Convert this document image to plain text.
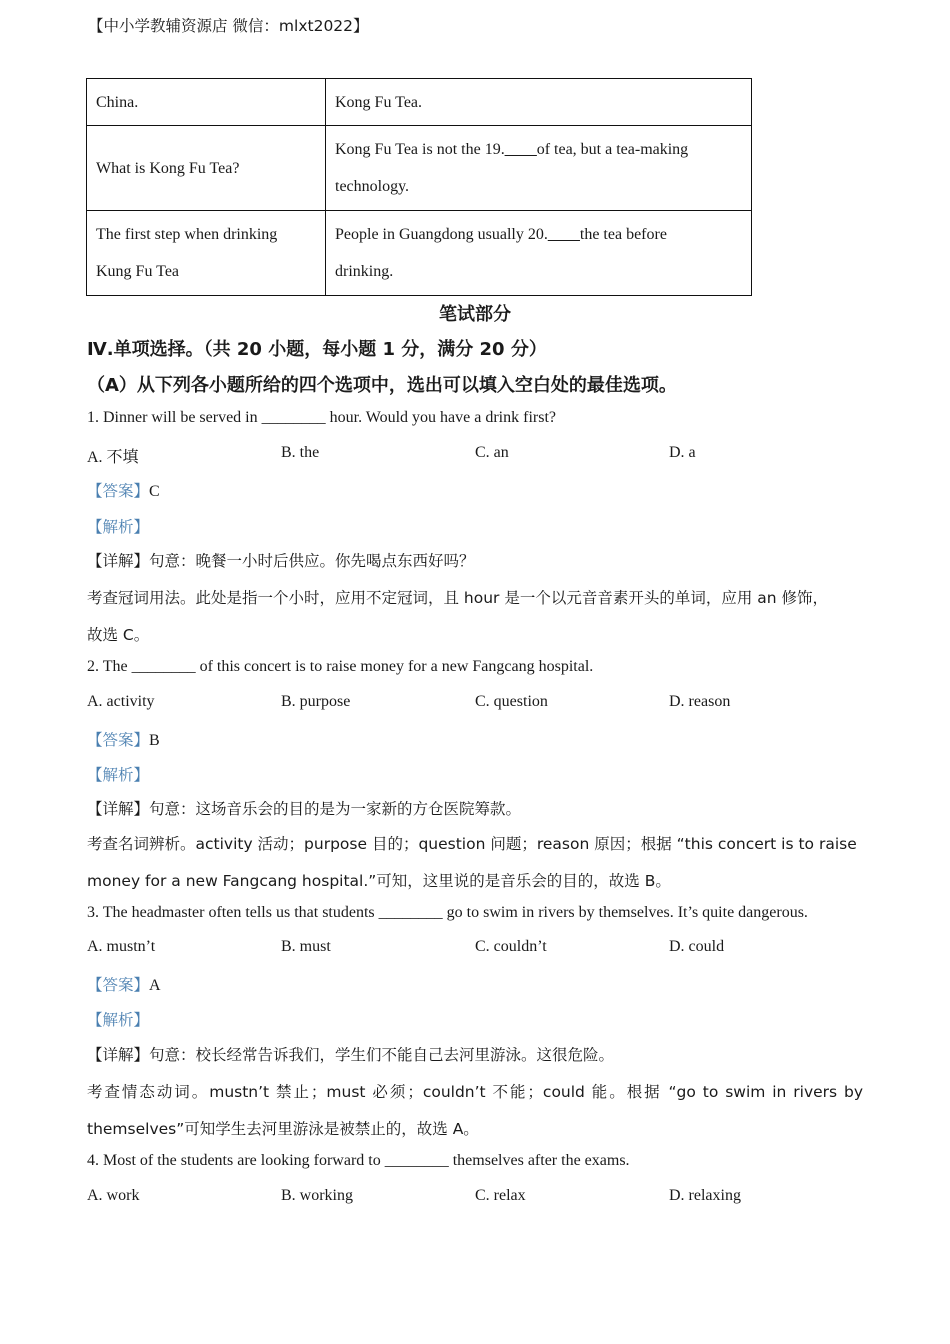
【中小学教辅资源店 微信：mlxt2022】
China.	Kong Fu Tea.
What is Kong Fu Tea?	Kong Fu Tea is not the 19.____of tea, but a tea-making
technology.
The first step when drinking
Kung Fu Tea	People in Guangdong usually 20.____the tea before
drinking.
笔试部分
Ⅳ.单项选择。（共 20 小题，每小题 1 分，满分 20 分）
（A）从下列各小题所给的四个选项中，选出可以填入空白处的最佳选项。
1. Dinner will be served in ________ hour. Would you have a drink first?
A. 不填	B. the	C. an	D. a
【答案】C
【解析】
【详解】句意：晚餐一小时后供应。你先喝点东西好吗？
考查冠词用法。此处是指一个小时，应用不定冠词，且 hour 是一个以元音音素开头的单词，应用 an 修饰，
故选 C。
2. The ________ of this concert is to raise money for a new Fangcang hospital.
A. activity	B. purpose	C. question	D. reason
【答案】B
【解析】
【详解】句意：这场音乐会的目的是为一家新的方仓医院筹款。
考查名词辨析。activity 活动；purpose 目的；question 问题；reason 原因；根据 “this concert is to raise
money for a new Fangcang hospital.”可知，这里说的是音乐会的目的，故选 B。
3. The headmaster often tells us that students ________ go to swim in rivers by themselves. It’s quite dangerous.
A. mustn’t	B. must	C. couldn’t	D. could
【答案】A
【解析】
【详解】句意：校长经常告诉我们，学生们不能自己去河里游泳。这很危险。
考查情态动词。mustn’t 禁止；must 必须；couldn’t 不能；could 能。根据 “go to swim in rivers by
themselves”可知学生去河里游泳是被禁止的，故选 A。
4. Most of the students are looking forward to ________ themselves after the exams.
A. work	B. working	C. relax	D. relaxing
